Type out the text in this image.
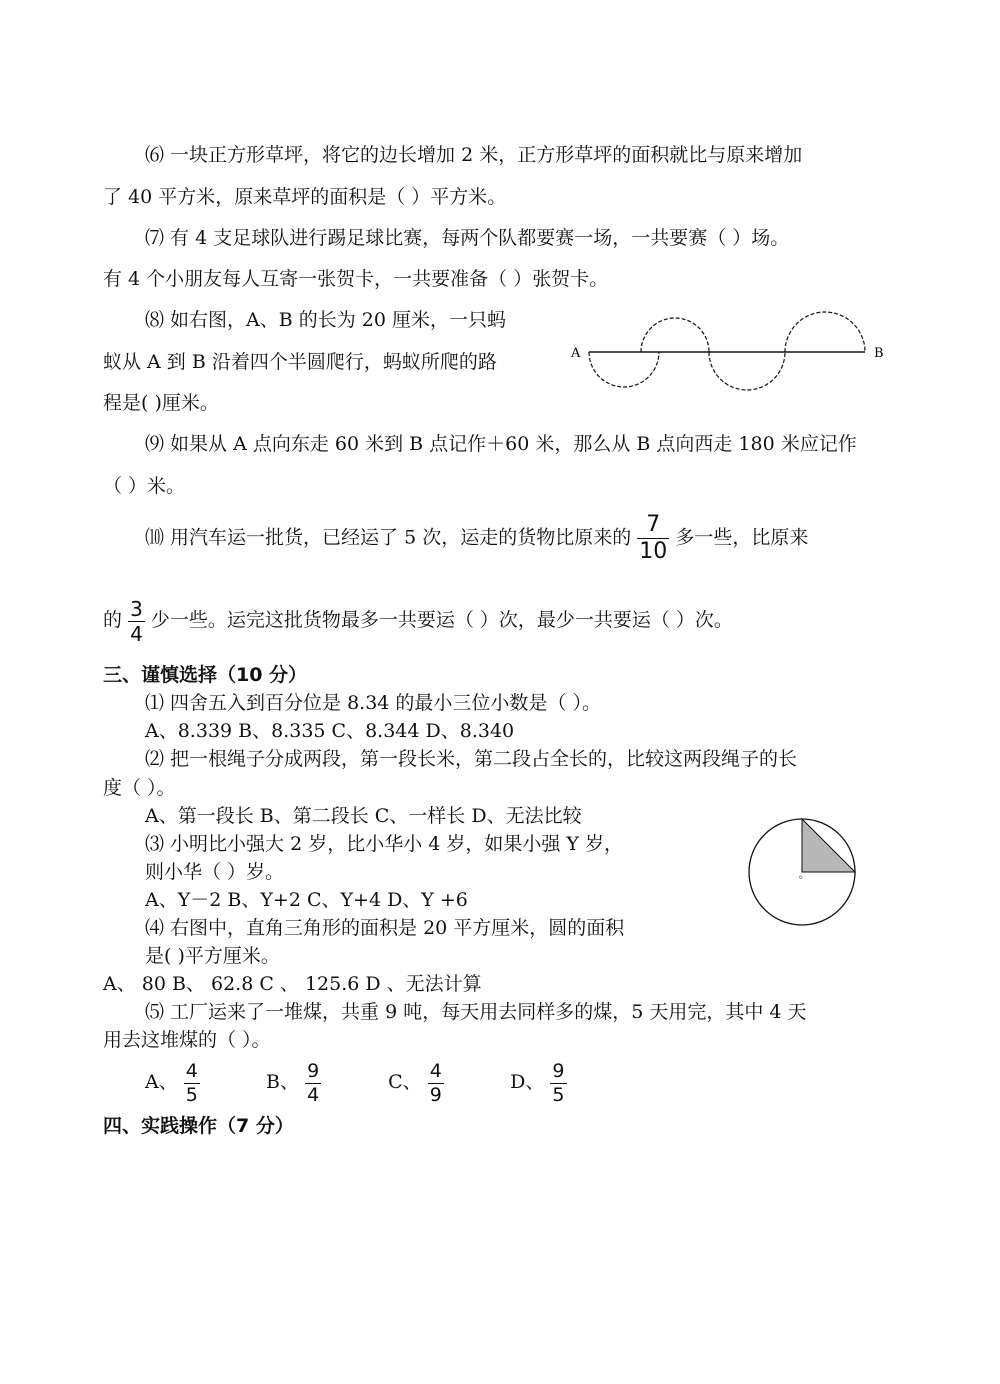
⑹ 一块正方形草坪，将它的边长增加 2 米，正方形草坪的面积就比与原来增加
了 40 平方米，原来草坪的面积是（ ）平方米。
⑺ 有 4 支足球队进行踢足球比赛，每两个队都要赛一场，一共要赛（ ）场。
有 4 个小朋友每人互寄一张贺卡，一共要准备（ ）张贺卡。
⑻ 如右图，A、B 的长为 20 厘米，一只蚂
蚁从 A 到 B 沿着四个半圆爬行，蚂蚁所爬的路
程是( )厘米。
A	B
⑼ 如果从 A 点向东走 60 米到 B 点记作＋60 米，那么从 B 点向西走 180 米应记作
（ ）米。
⑽ 用汽车运一批货，已经运了 5 次，运走的货物比原来的 $\frac{7}{10}$ 多一些，比原来
的 $\frac{3}{4}$ 少一些。运完这批货物最多一共要运（ ）次，最少一共要运（ ）次。
三、谨慎选择（10 分）
⑴ 四舍五入到百分位是 8.34 的最小三位小数是（ ）。
A、8.339 B、8.335 C、8.344 D、8.340
⑵ 把一根绳子分成两段，第一段长米，第二段占全长的，比较这两段绳子的长
度（ ）。
A、第一段长 B、第二段长 C、一样长 D、无法比较
⑶ 小明比小强大 2 岁，比小华小 4 岁，如果小强 Y 岁，
则小华（ ）岁。
A、Y－2 B、Y+2 C、Y+4 D、Y +6
⑷ 右图中，直角三角形的面积是 20 平方厘米，圆的面积
是( )平方厘米。
A、 80 B、 62.8 C 、 125.6 D 、无法计算
⑸ 工厂运来了一堆煤，共重 9 吨，每天用去同样多的煤，5 天用完，其中 4 天
用去这堆煤的（ ）。
A、 $\frac{4}{5}$	B、 $\frac{9}{4}$	C、 $\frac{4}{9}$	D、 $\frac{9}{5}$
o
四、实践操作（7 分）
